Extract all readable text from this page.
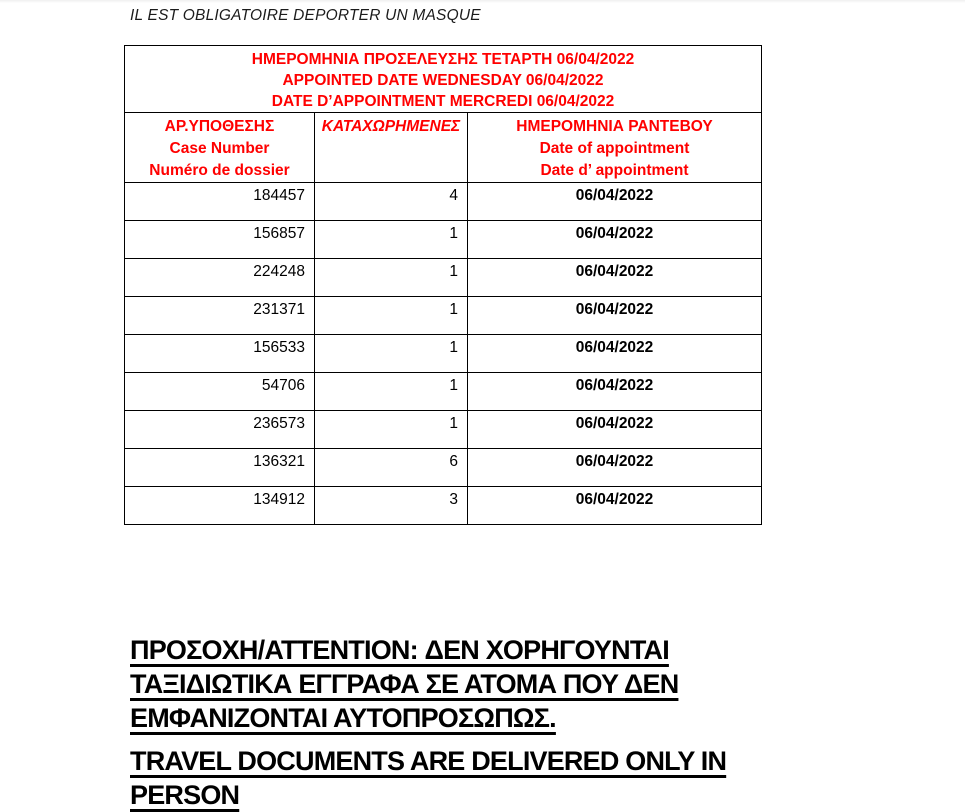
IL EST OBLIGATOIRE DEPORTER UN MASQUE
ΗΜΕΡΟΜΗΝΙΑ ΠΡΟΣΕΛΕΥΣΗΣ ΤΕΤΑΡΤΗ 06/04/2022
APPOINTED DATE WEDNESDAY 06/04/2022
DATE D’APPOINTMENT MERCREDI 06/04/2022		

ΑΡ.ΥΠΟΘΕΣΗΣ
Case Number
Numéro de dossier

ΚΑΤΑΧΩΡΗΜΕΝΕΣ	ΗΜΕΡΟΜΗΝΙΑ ΡΑΝΤΕΒΟΥ
Date of appointment
Date d’ appointment

184457	4	06/04/2022
156857	1	06/04/2022
224248	1	06/04/2022
231371	1	06/04/2022
156533	1	06/04/2022
54706	1	06/04/2022
236573	1	06/04/2022
136321	6	06/04/2022
134912	3	06/04/2022
ΠΡΟΣΟΧΗ/ATTENTION: ΔΕΝ ΧΟΡΗΓΟΥΝΤΑΙ
ΤΑΞΙΔΙΩΤΙΚΑ ΕΓΓΡΑΦΑ ΣΕ ΑΤΟΜΑ ΠΟΥ ΔΕΝ
ΕΜΦΑΝΙΖΟΝΤΑΙ ΑΥΤΟΠΡΟΣΩΠΩΣ.
TRAVEL DOCUMENTS ARE DELIVERED ONLY IN
PERSON
